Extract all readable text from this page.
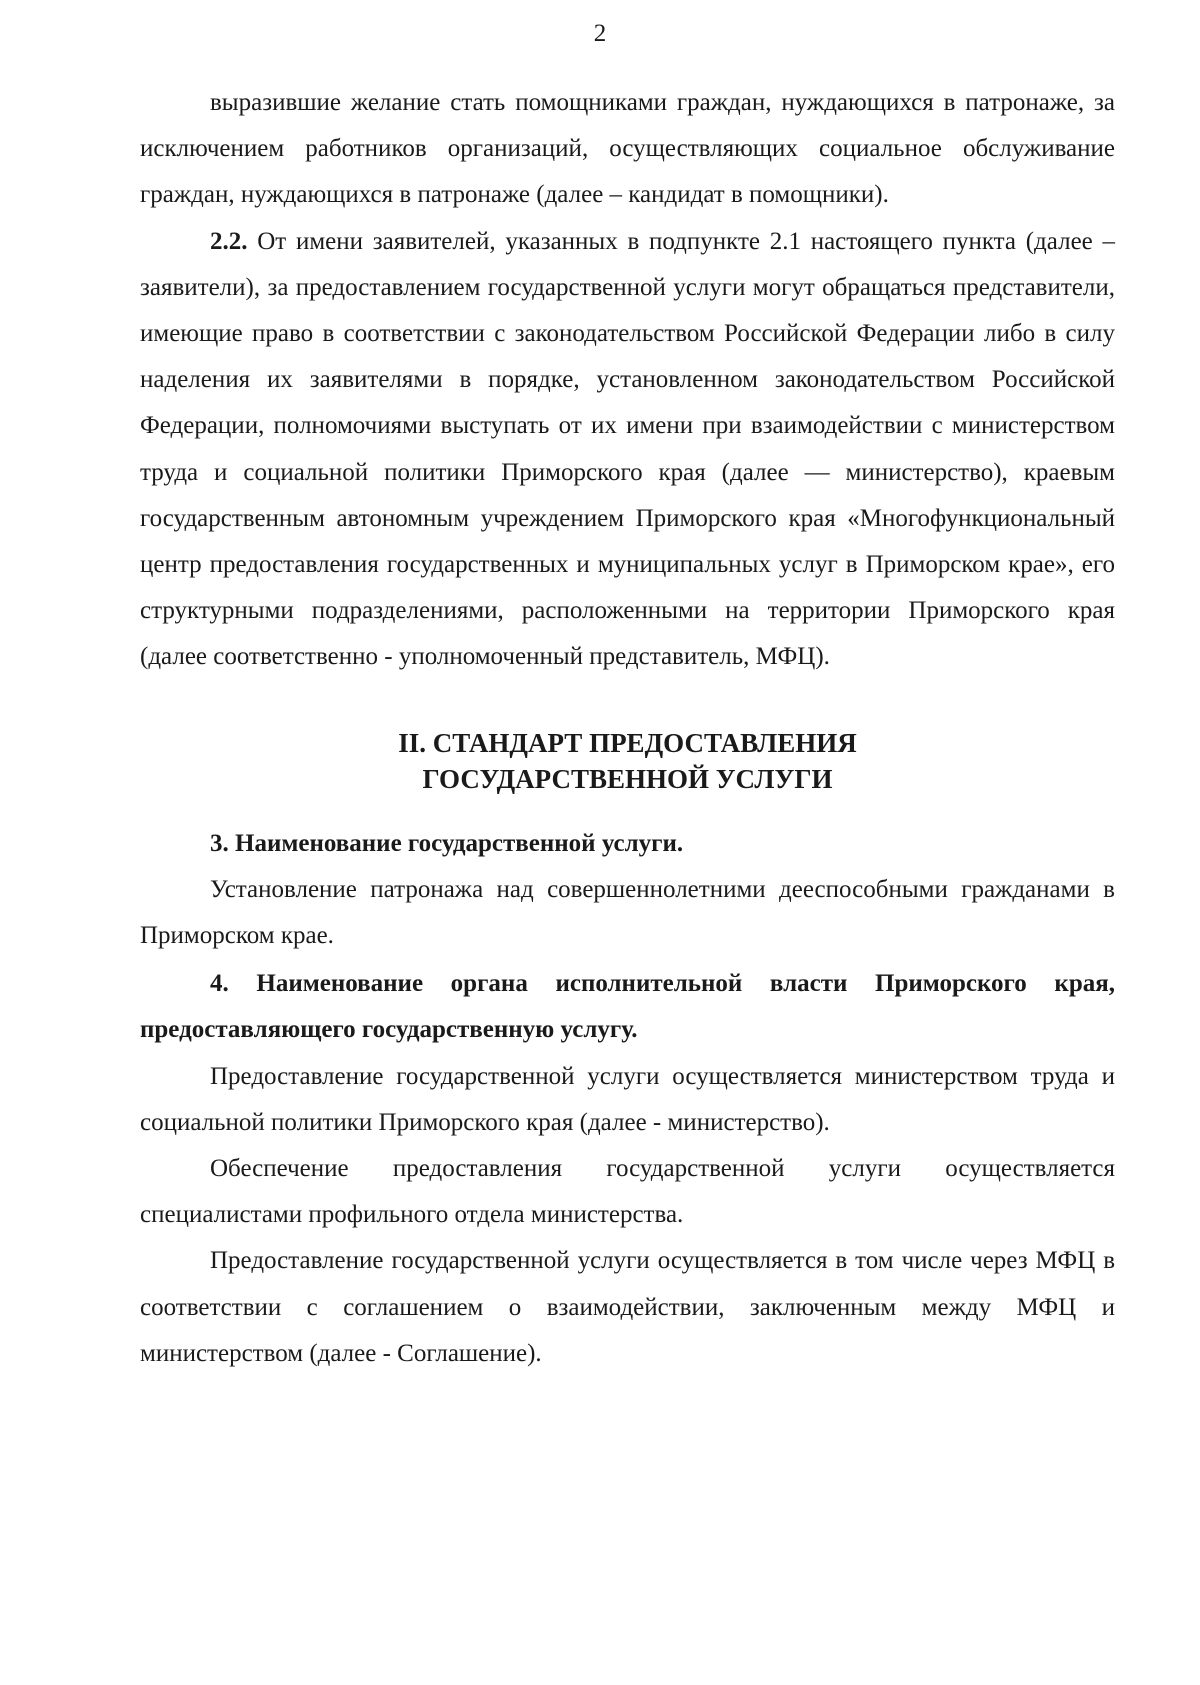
2

выразившие желание стать помощниками граждан, нуждающихся в патронаже, за исключением работников организаций, осуществляющих социальное обслуживание граждан, нуждающихся в патронаже (далее – кандидат в помощники).

2.2. От имени заявителей, указанных в подпункте 2.1 настоящего пункта (далее – заявители), за предоставлением государственной услуги могут обращаться представители, имеющие право в соответствии с законодательством Российской Федерации либо в силу наделения их заявителями в порядке, установленном законодательством Российской Федерации, полномочиями выступать от их имени при взаимодействии с министерством труда и социальной политики Приморского края (далее — министерство), краевым государственным автономным учреждением Приморского края «Многофункциональный центр предоставления государственных и муниципальных услуг в Приморском крае», его структурными подразделениями, расположенными на территории Приморского края (далее соответственно - уполномоченный представитель, МФЦ).

II. СТАНДАРТ ПРЕДОСТАВЛЕНИЯ
ГОСУДАРСТВЕННОЙ УСЛУГИ

3. Наименование государственной услуги.

Установление патронажа над совершеннолетними дееспособными гражданами в Приморском крае.

4. Наименование органа исполнительной власти Приморского края, предоставляющего государственную услугу.

Предоставление государственной услуги осуществляется министерством труда и социальной политики Приморского края (далее - министерство).

Обеспечение предоставления государственной услуги осуществляется специалистами профильного отдела министерства.

Предоставление государственной услуги осуществляется в том числе через МФЦ в соответствии с соглашением о взаимодействии, заключенным между МФЦ и министерством (далее - Соглашение).
